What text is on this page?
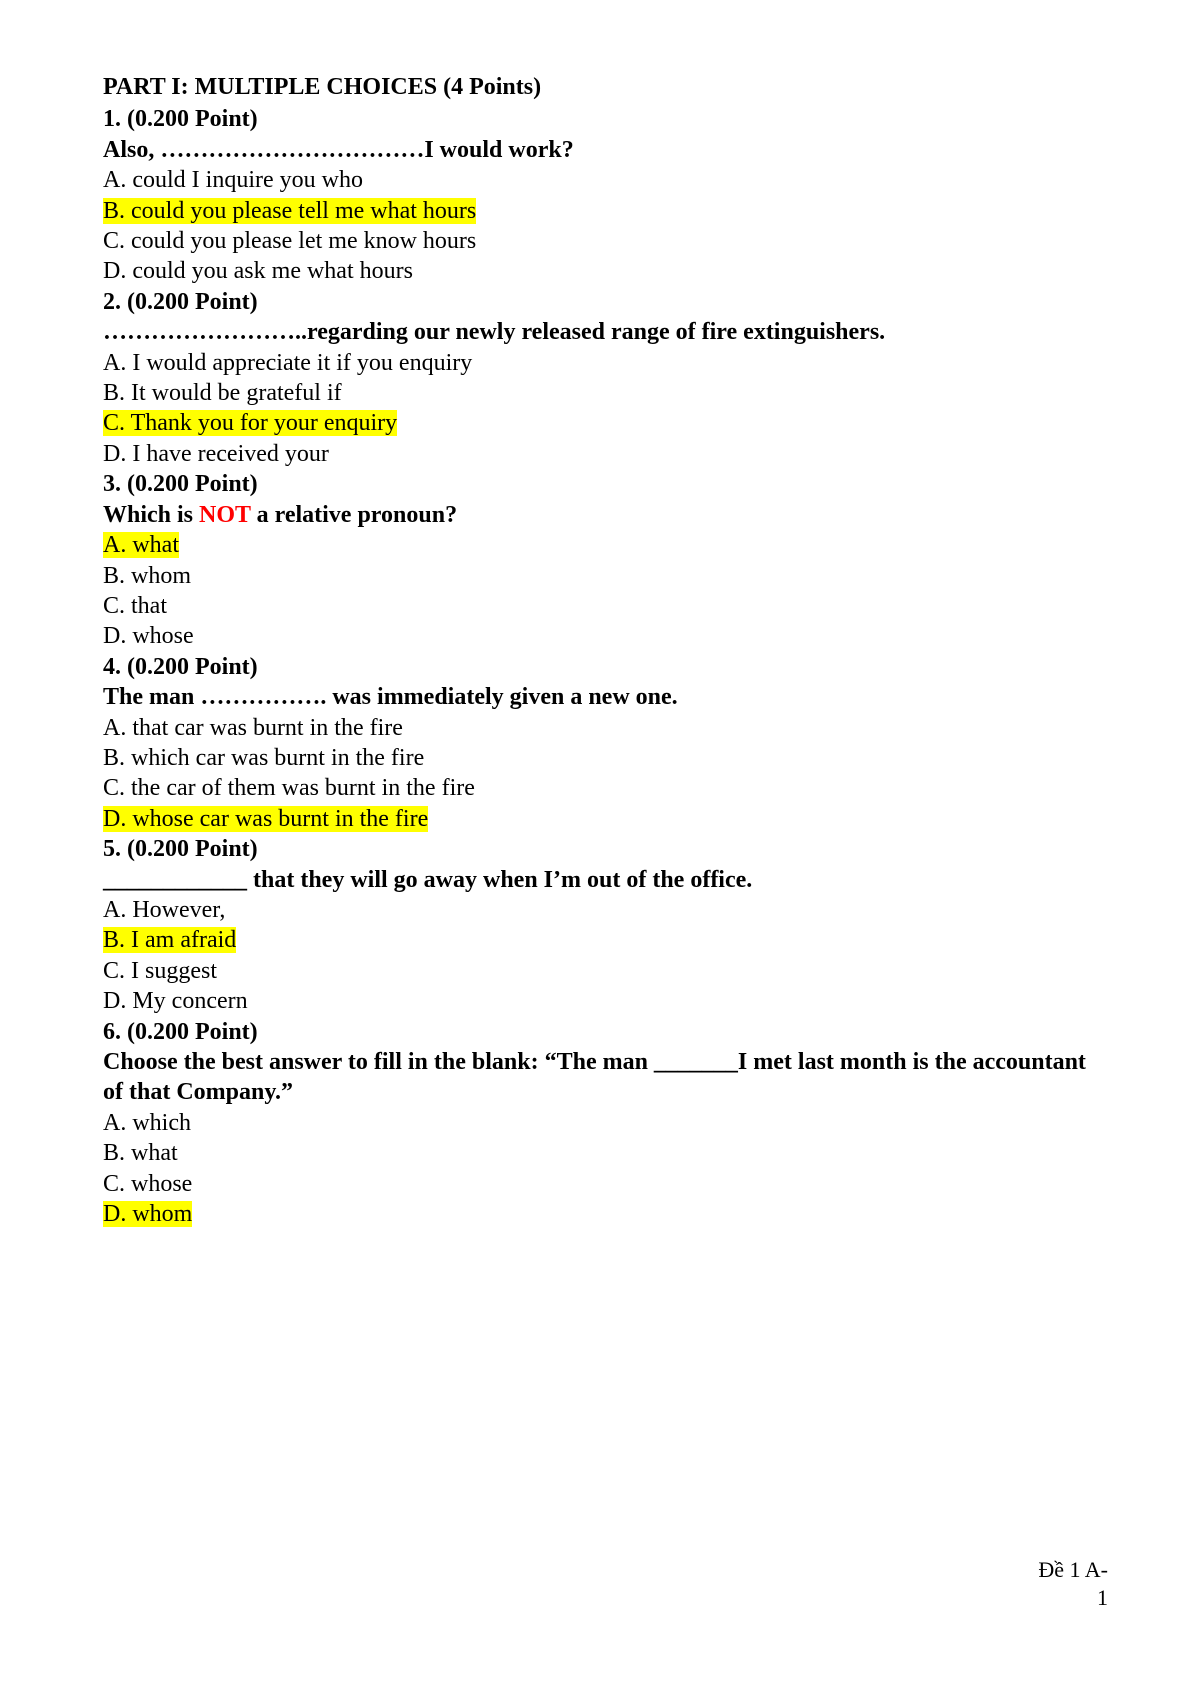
PART I: MULTIPLE CHOICES (4 Points)
1. (0.200 Point)
Also, ……………………………I would work?
A. could I inquire you who
B. could you please tell me what hours
C. could you please let me know hours
D. could you ask me what hours
2. (0.200 Point)
……………………..regarding our newly released range of fire extinguishers.
A. I would appreciate it if you enquiry
B. It would be grateful if
C. Thank you for your enquiry
D. I have received your
3. (0.200 Point)
Which is NOT a relative pronoun?
A. what
B. whom
C. that
D. whose
4. (0.200 Point)
The man ……………. was immediately given a new one.
A. that car was burnt in the fire
B. which car was burnt in the fire
C. the car of them was burnt in the fire
D. whose car was burnt in the fire
5. (0.200 Point)
____________ that they will go away when I’m out of the office.
A. However,
B. I am afraid
C. I suggest
D. My concern
6. (0.200 Point)
Choose the best answer to fill in the blank: “The man _______I met last month is the accountant of that Company.”
A. which
B. what
C. whose
D. whom
Đề 1 A-
1
